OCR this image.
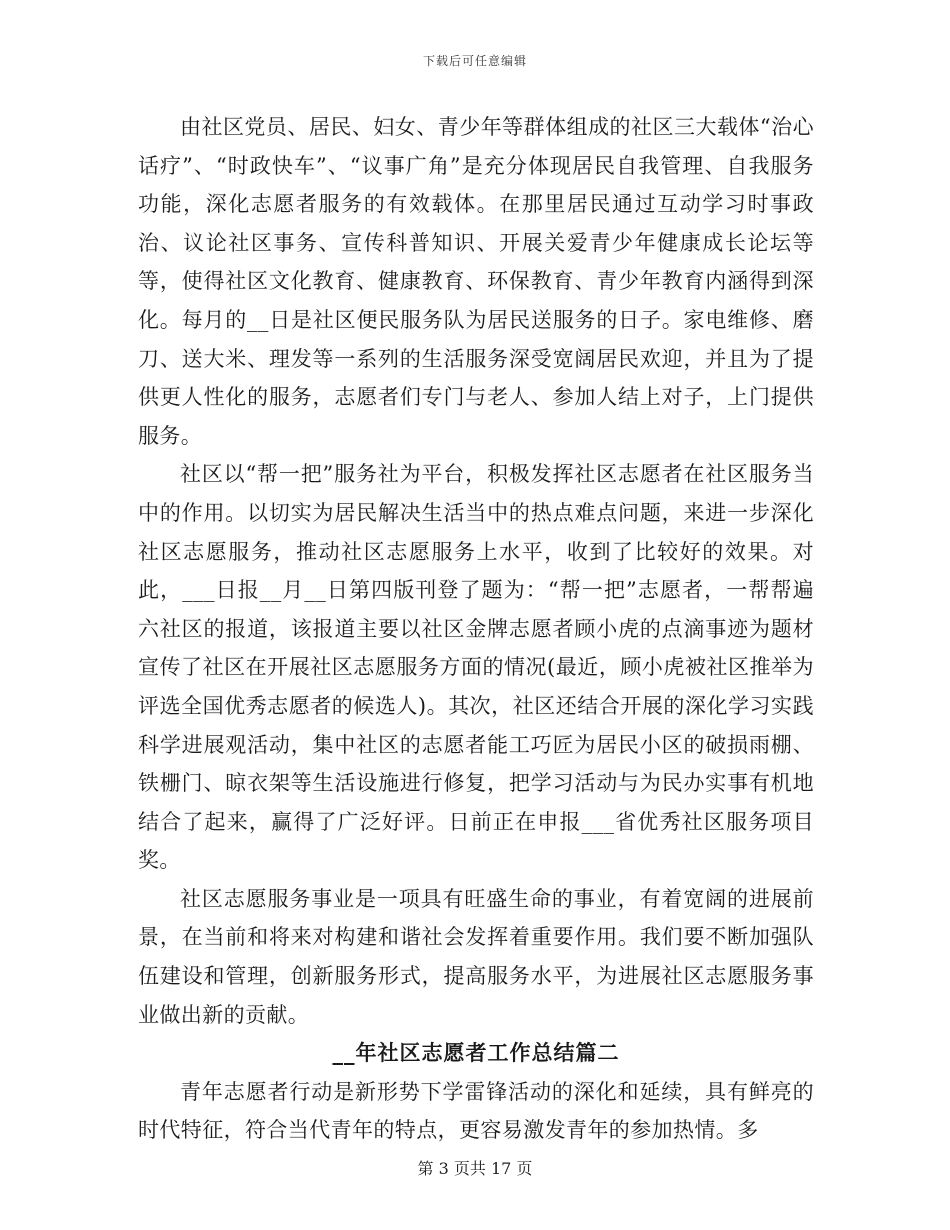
下载后可任意编辑

由社区党员、居民、妇女、青少年等群体组成的社区三大载体“治心话疗”、“时政快车”、“议事广角”是充分体现居民自我管理、自我服务功能，深化志愿者服务的有效载体。在那里居民通过互动学习时事政治、议论社区事务、宣传科普知识、开展关爱青少年健康成长论坛等等，使得社区文化教育、健康教育、环保教育、青少年教育内涵得到深化。每月的__日是社区便民服务队为居民送服务的日子。家电维修、磨刀、送大米、理发等一系列的生活服务深受宽阔居民欢迎，并且为了提供更人性化的服务，志愿者们专门与老人、参加人结上对子，上门提供服务。

社区以“帮一把”服务社为平台，积极发挥社区志愿者在社区服务当中的作用。以切实为居民解决生活当中的热点难点问题，来进一步深化社区志愿服务，推动社区志愿服务上水平，收到了比较好的效果。对此，___日报__月__日第四版刊登了题为：“帮一把”志愿者，一帮帮遍六社区的报道，该报道主要以社区金牌志愿者顾小虎的点滴事迹为题材宣传了社区在开展社区志愿服务方面的情况(最近，顾小虎被社区推举为评选全国优秀志愿者的候选人)。其次，社区还结合开展的深化学习实践科学进展观活动，集中社区的志愿者能工巧匠为居民小区的破损雨棚、铁栅门、晾衣架等生活设施进行修复，把学习活动与为民办实事有机地结合了起来，赢得了广泛好评。日前正在申报___省优秀社区服务项目奖。

社区志愿服务事业是一项具有旺盛生命的事业，有着宽阔的进展前景，在当前和将来对构建和谐社会发挥着重要作用。我们要不断加强队伍建设和管理，创新服务形式，提高服务水平，为进展社区志愿服务事业做出新的贡献。

__年社区志愿者工作总结篇二

青年志愿者行动是新形势下学雷锋活动的深化和延续，具有鲜亮的时代特征，符合当代青年的特点，更容易激发青年的参加热情。多

第 3 页共 17 页
